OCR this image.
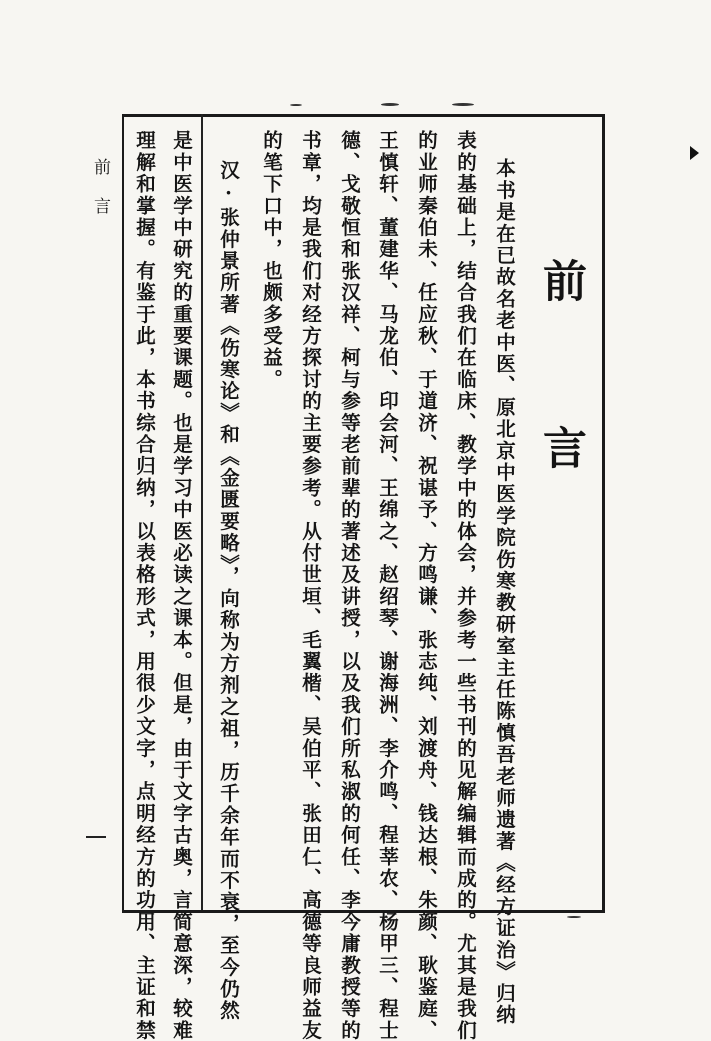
前 言
本书是在已故名老中医、原北京中医学院伤寒教研室主任陈慎吾老师遗著《经方证治》归纳
表的基础上，结合我们在临床、教学中的体会，并参考一些书刊的见解编辑而成的。尤其是我们
的业师秦伯未、任应秋、于道济、祝谌予、方鸣谦、张志纯、刘渡舟、钱达根、朱颜、耿鉴庭、
王慎轩、董建华、马龙伯、印会河、王绵之、赵绍琴、谢海洲、李介鸣、程莘农、杨甲三、程士
德、戈敬恒和张汉祥、柯与参等老前辈的著述及讲授，以及我们所私淑的何任、李今庸教授等的
书章，均是我们对经方探讨的主要参考。从付世垣、毛翼楷、吴伯平、张田仁、高德等良师益友
的笔下口中，也颇多受益。
汉·张仲景所著《伤寒论》和《金匮要略》，向称为方剂之祖，历千余年而不衰，至今仍然
是中医学中研究的重要课题。也是学习中医必读之课本。但是，由于文字古奥，言简意深，较难
理解和掌握。有鉴于此，本书综合归纳，以表格形式，用很少文字，点明经方的功用、主证和禁
前言
